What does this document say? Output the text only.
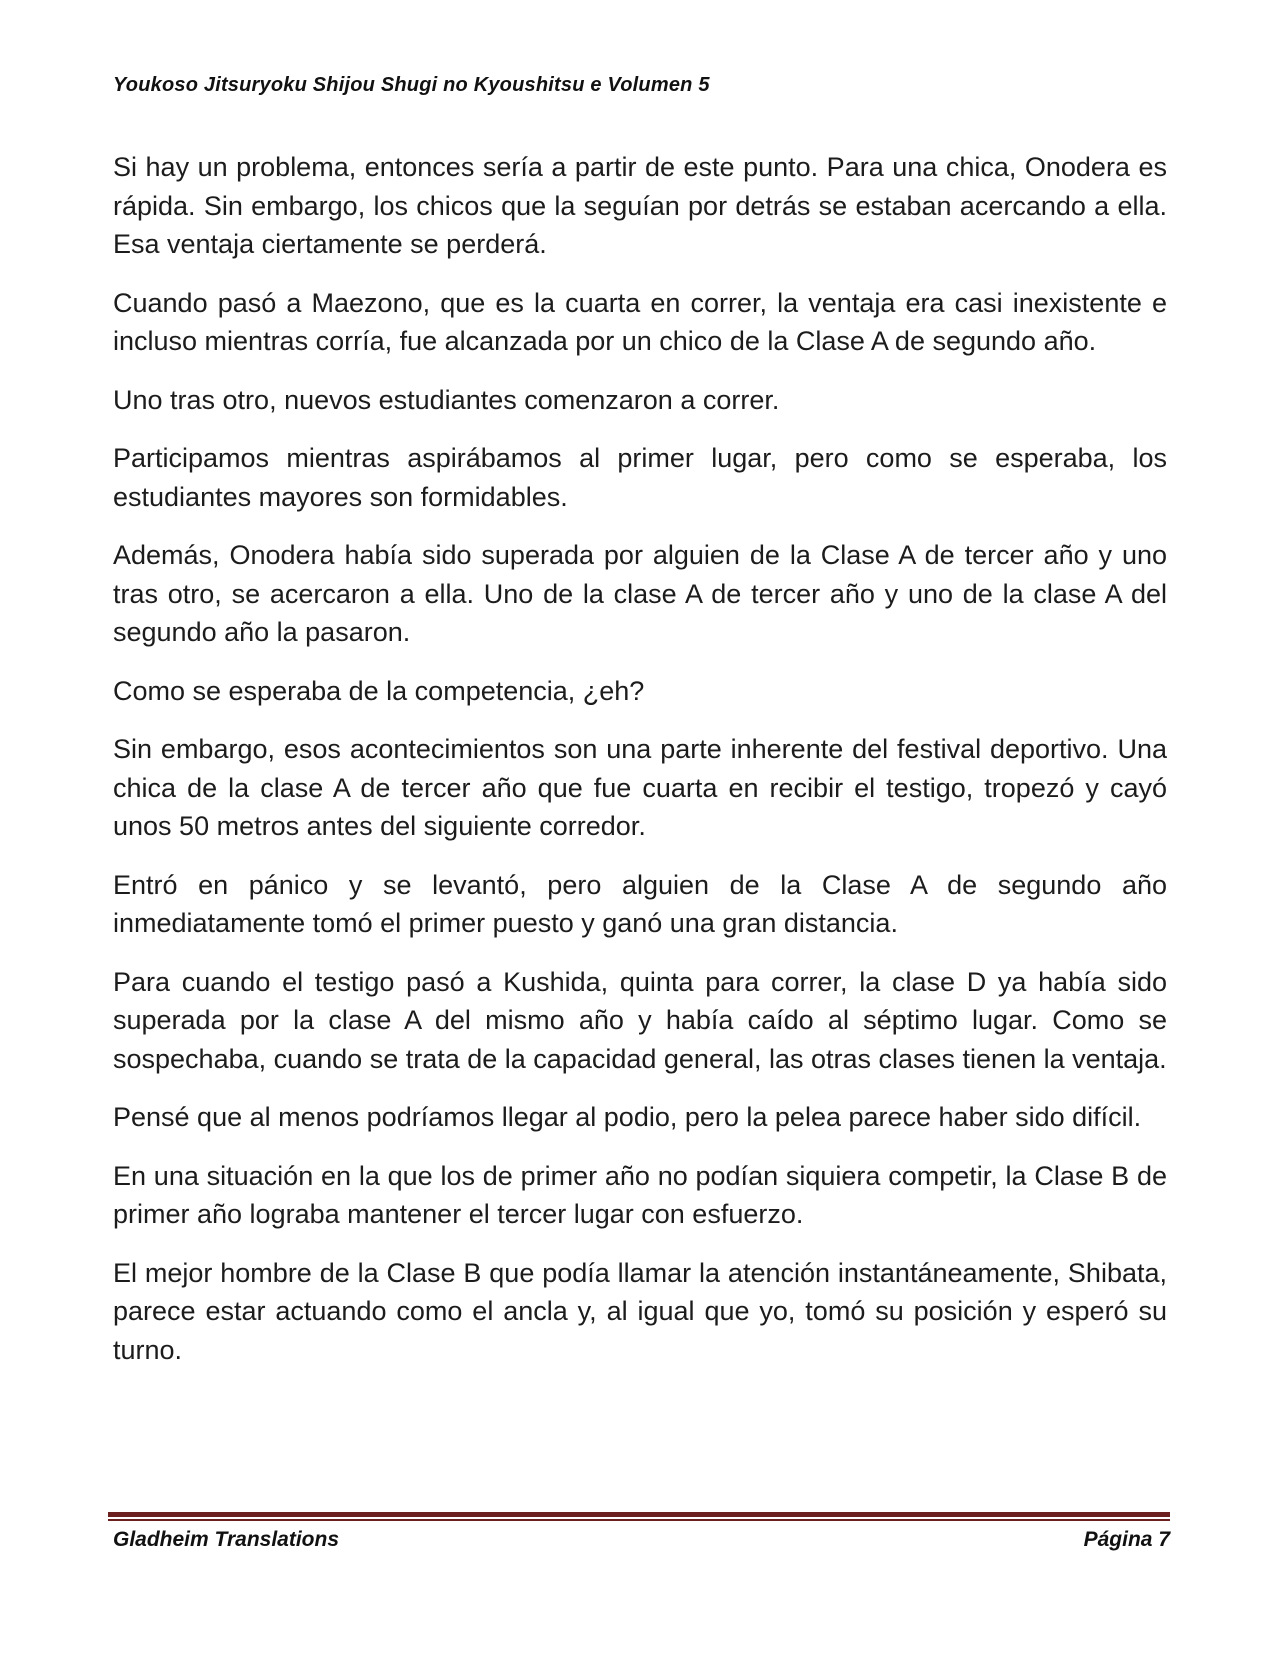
Youkoso Jitsuryoku Shijou Shugi no Kyoushitsu e Volumen 5

Si hay un problema, entonces sería a partir de este punto. Para una chica, Onodera es rápida. Sin embargo, los chicos que la seguían por detrás se estaban acercando a ella. Esa ventaja ciertamente se perderá.

Cuando pasó a Maezono, que es la cuarta en correr, la ventaja era casi inexistente e incluso mientras corría, fue alcanzada por un chico de la Clase A de segundo año.

Uno tras otro, nuevos estudiantes comenzaron a correr.

Participamos mientras aspirábamos al primer lugar, pero como se esperaba, los estudiantes mayores son formidables.

Además, Onodera había sido superada por alguien de la Clase A de tercer año y uno tras otro, se acercaron a ella. Uno de la clase A de tercer año y uno de la clase A del segundo año la pasaron.

Como se esperaba de la competencia, ¿eh?

Sin embargo, esos acontecimientos son una parte inherente del festival deportivo. Una chica de la clase A de tercer año que fue cuarta en recibir el testigo, tropezó y cayó unos 50 metros antes del siguiente corredor.

Entró en pánico y se levantó, pero alguien de la Clase A de segundo año inmediatamente tomó el primer puesto y ganó una gran distancia.

Para cuando el testigo pasó a Kushida, quinta para correr, la clase D ya había sido superada por la clase A del mismo año y había caído al séptimo lugar. Como se sospechaba, cuando se trata de la capacidad general, las otras clases tienen la ventaja.

Pensé que al menos podríamos llegar al podio, pero la pelea parece haber sido difícil.

En una situación en la que los de primer año no podían siquiera competir, la Clase B de primer año lograba mantener el tercer lugar con esfuerzo.

El mejor hombre de la Clase B que podía llamar la atención instantáneamente, Shibata, parece estar actuando como el ancla y, al igual que yo, tomó su posición y esperó su turno.

Gladheim Translations	Página 7
